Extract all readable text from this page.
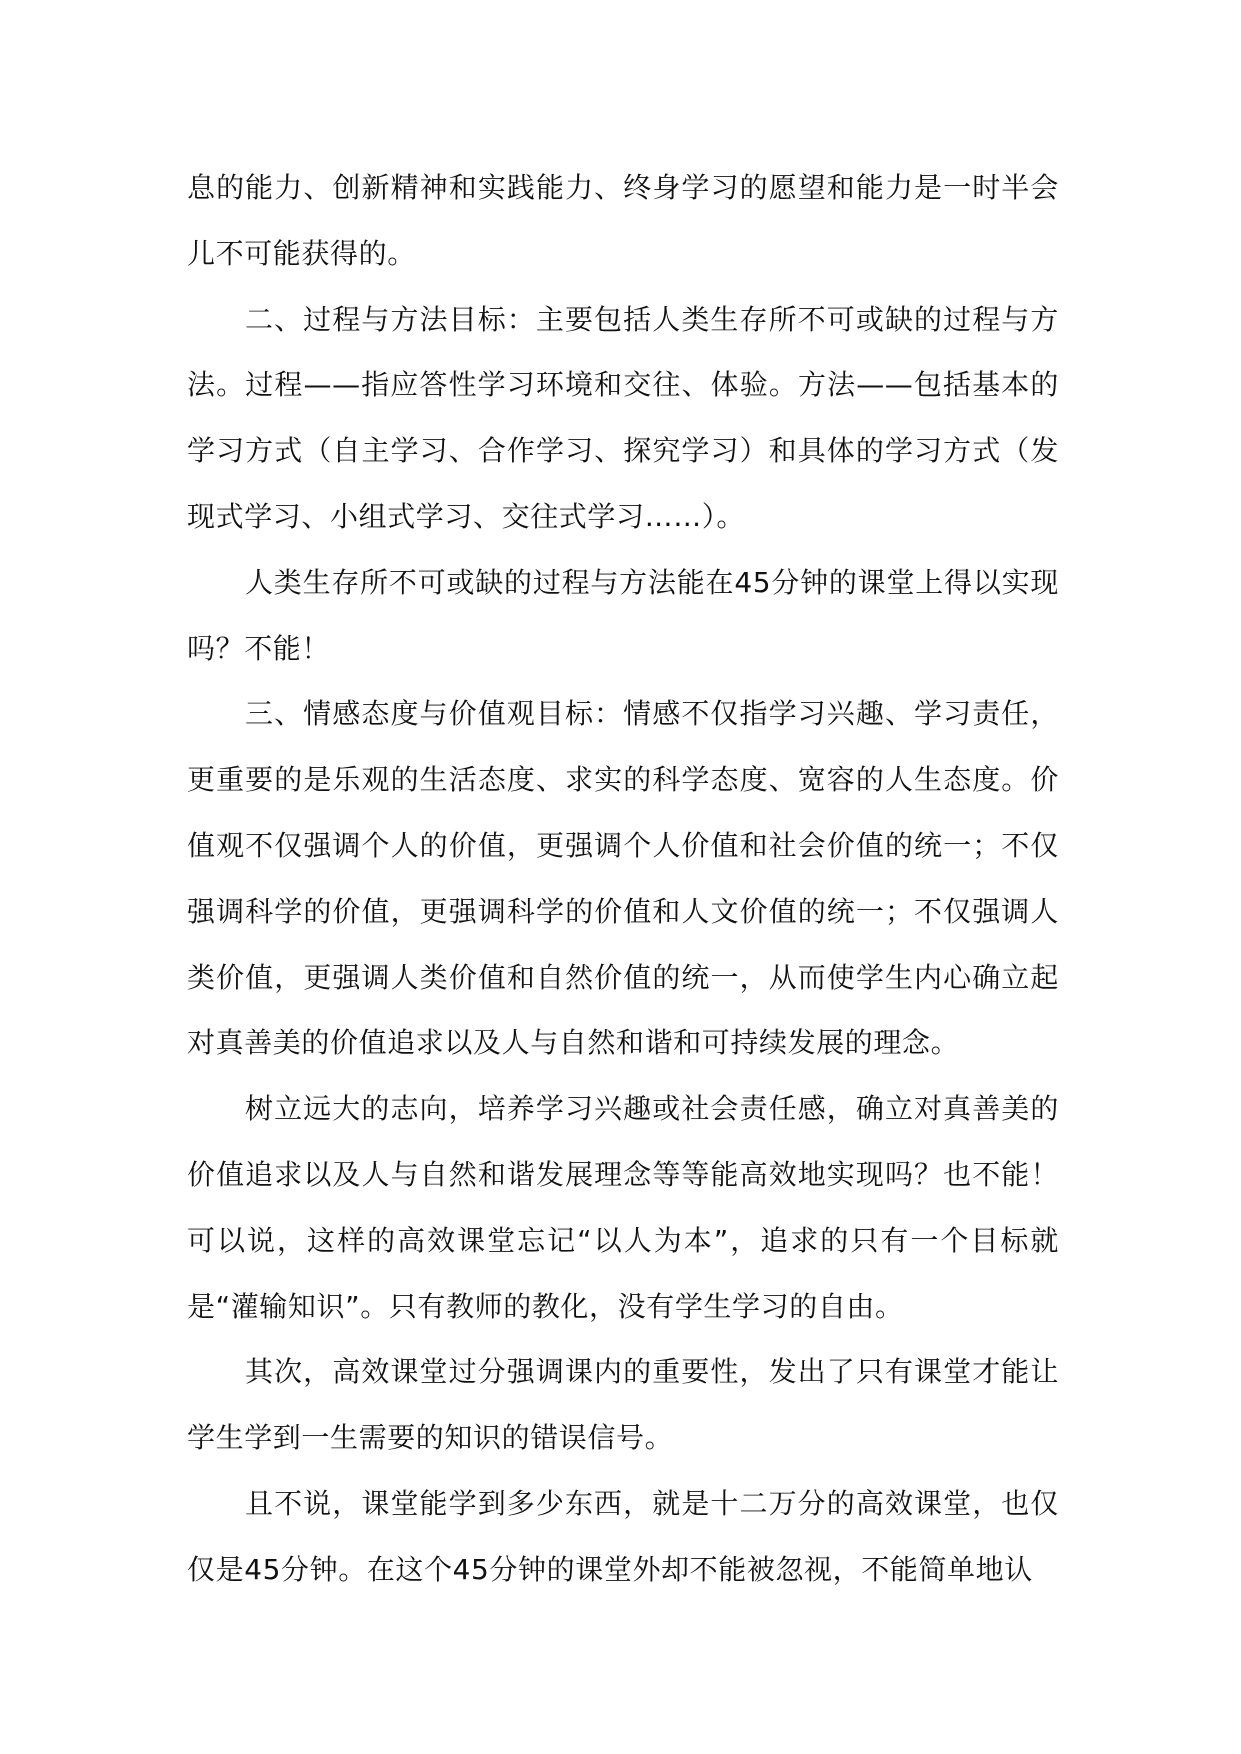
息的能力、创新精神和实践能力、终身学习的愿望和能力是一时半会儿不可能获得的。

二、过程与方法目标：主要包括人类生存所不可或缺的过程与方法。过程——指应答性学习环境和交往、体验。方法——包括基本的学习方式（自主学习、合作学习、探究学习）和具体的学习方式（发现式学习、小组式学习、交往式学习……）。

人类生存所不可或缺的过程与方法能在45分钟的课堂上得以实现吗？不能！

三、情感态度与价值观目标：情感不仅指学习兴趣、学习责任，更重要的是乐观的生活态度、求实的科学态度、宽容的人生态度。价值观不仅强调个人的价值，更强调个人价值和社会价值的统一；不仅强调科学的价值，更强调科学的价值和人文价值的统一；不仅强调人类价值，更强调人类价值和自然价值的统一，从而使学生内心确立起对真善美的价值追求以及人与自然和谐和可持续发展的理念。

树立远大的志向，培养学习兴趣或社会责任感，确立对真善美的价值追求以及人与自然和谐发展理念等等能高效地实现吗？也不能！可以说，这样的高效课堂忘记“以人为本”，追求的只有一个目标就是“灌输知识”。只有教师的教化，没有学生学习的自由。

其次，高效课堂过分强调课内的重要性，发出了只有课堂才能让学生学到一生需要的知识的错误信号。

且不说，课堂能学到多少东西，就是十二万分的高效课堂，也仅仅是45分钟。在这个45分钟的课堂外却不能被忽视，不能简单地认
